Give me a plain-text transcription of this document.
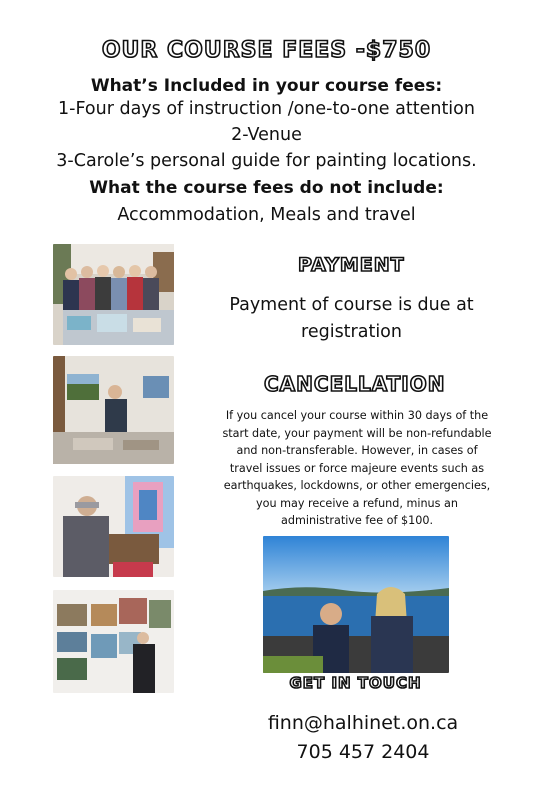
OUR COURSE FEES -$750
What’s Included in your course fees:
1-Four days of instruction /one-to-one attention
2-Venue
3-Carole’s personal guide for painting locations.
What the course fees do not include:
Accommodation, Meals and travel
PAYMENT
Payment of course is due at registration
CANCELLATION
If you cancel your course within 30 days of the start date, your payment will be non-refundable and non-transferable. However, in cases of travel issues or force majeure events such as earthquakes, lockdowns, or other emergencies, you may receive a refund, minus an administrative fee of $100.
GET IN TOUCH
finn@halhinet.on.ca
705 457 2404
